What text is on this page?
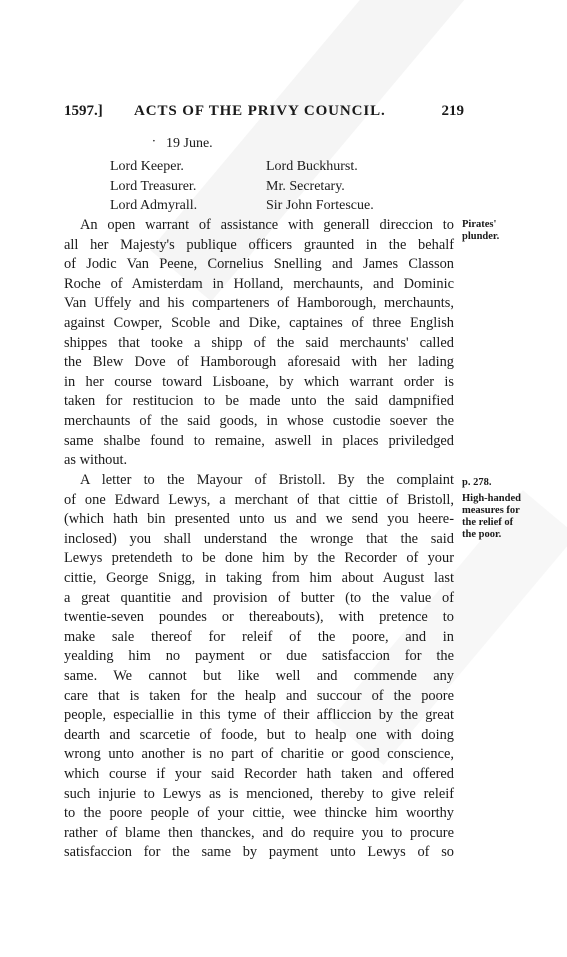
1597.] ACTS OF THE PRIVY COUNCIL.	219
· 19 June.
Lord Keeper.	Lord Buckhurst.
Lord Treasurer.	Mr. Secretary.
Lord Admyrall.	Sir John Fortescue.
An open warrant of assistance with generall direccion to
all her Majesty's publique officers graunted in the behalf
of Jodic Van Peene, Cornelius Snelling and James Classon
Roche of Amisterdam in Holland, merchaunts, and Dominic
Van Uffely and his comparteners of Hamborough, merchaunts,
against Cowper, Scoble and Dike, captaines of three English
shippes that tooke a shipp of the said merchaunts' called
the Blew Dove of Hamborough aforesaid with her lading
in her course toward Lisboane, by which warrant order is
taken for restitucion to be made unto the said dampnified
merchaunts of the said goods, in whose custodie soever the
same shalbe found to remaine, aswell in places priviledged
as without.
Pirates'
plunder.
A letter to the Mayour of Bristoll. By the complaint
of one Edward Lewys, a merchant of that cittie of Bristoll,
(which hath bin presented unto us and we send you heere-
inclosed) you shall understand the wronge that the said
Lewys pretendeth to be done him by the Recorder of your
cittie, George Snigg, in taking from him about August last
a great quantitie and provision of butter (to the value of
twentie-seven poundes or thereabouts), with pretence to
make sale thereof for releif of the poore, and in
yealding him no payment or due satisfaccion for the
same. We cannot but like well and commende any
care that is taken for the healp and succour of the poore
people, especiallie in this tyme of their affliccion by the great
dearth and scarcetie of foode, but to healp one with doing
wrong unto another is no part of charitie or good conscience,
which course if your said Recorder hath taken and offered
such injurie to Lewys as is mencioned, thereby to give releif
to the poore people of your cittie, wee thincke him woorthy
rather of blame then thanckes, and do require you to procure
satisfaccion for the same by payment unto Lewys of so
p. 278.
High-handed
measures for
the relief of
the poor.
